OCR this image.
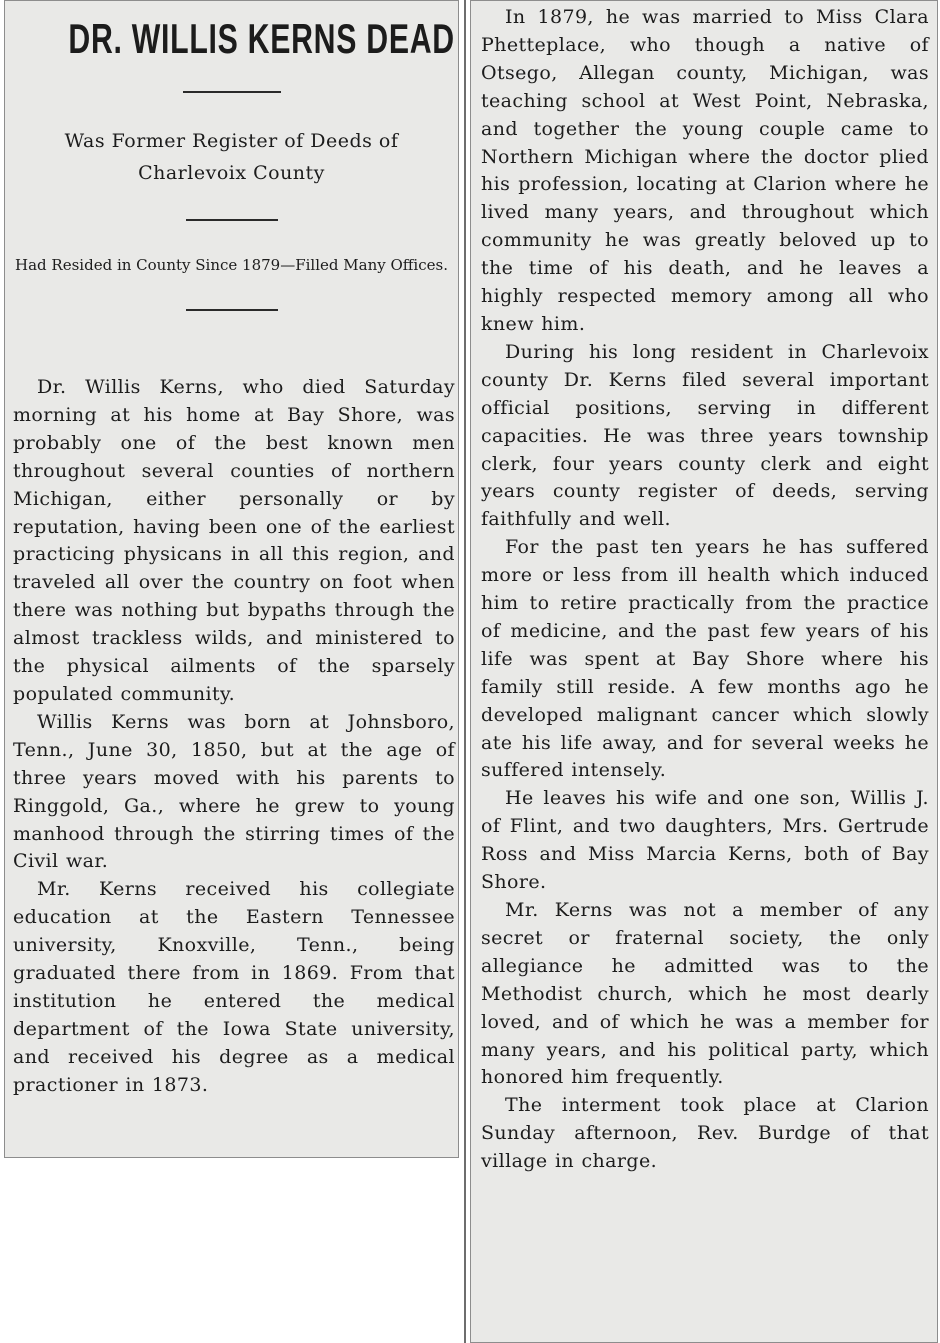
DR. WILLIS KERNS DEAD
Was Former Register of Deeds of Charlevoix County
Had Resided in County Since 1879—Filled Many Offices.

Dr. Willis Kerns, who died Saturday morning at his home at Bay Shore, was probably one of the best known men throughout several counties of northern Michigan, either personally or by reputation, having been one of the earliest practicing physicans in all this region, and traveled all over the country on foot when there was nothing but bypaths through the almost trackless wilds, and ministered to the physical ailments of the sparsely populated community.

Willis Kerns was born at Johnsboro, Tenn., June 30, 1850, but at the age of three years moved with his parents to Ringgold, Ga., where he grew to young manhood through the stirring times of the Civil war.

Mr. Kerns received his collegiate education at the Eastern Tennessee university, Knoxville, Tenn., being graduated there from in 1869. From that institution he entered the medical department of the Iowa State university, and received his degree as a medical practioner in 1873.

In 1879, he was married to Miss Clara Phetteplace, who though a native of Otsego, Allegan county, Michigan, was teaching school at West Point, Nebraska, and together the young couple came to Northern Michigan where the doctor plied his profession, locating at Clarion where he lived many years, and throughout which community he was greatly beloved up to the time of his death, and he leaves a highly respected memory among all who knew him.

During his long resident in Charlevoix county Dr. Kerns filed several important official positions, serving in different capacities. He was three years township clerk, four years county clerk and eight years county register of deeds, serving faithfully and well.

For the past ten years he has suffered more or less from ill health which induced him to retire practically from the practice of medicine, and the past few years of his life was spent at Bay Shore where his family still reside. A few months ago he developed malignant cancer which slowly ate his life away, and for several weeks he suffered intensely.

He leaves his wife and one son, Willis J. of Flint, and two daughters, Mrs. Gertrude Ross and Miss Marcia Kerns, both of Bay Shore.

Mr. Kerns was not a member of any secret or fraternal society, the only allegiance he admitted was to the Methodist church, which he most dearly loved, and of which he was a member for many years, and his political party, which honored him frequently.

The interment took place at Clarion Sunday afternoon, Rev. Burdge of that village in charge.
